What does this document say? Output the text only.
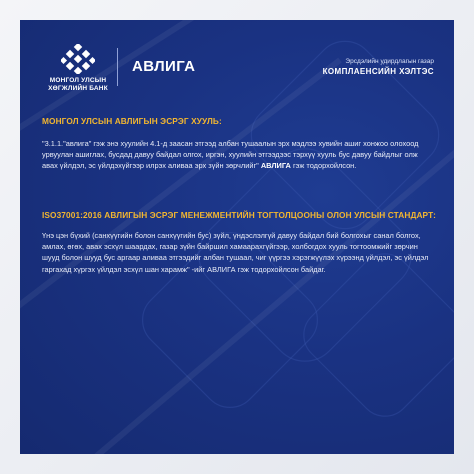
МОНГОЛ УЛСЫН
ХӨГЖЛИЙН БАНК
АВЛИГА	Эрсдэлийн удирдлагын газар
КОМПЛАЕНСИЙН ХЭЛТЭС
МОНГОЛ УЛСЫН АВЛИГЫН ЭСРЭГ ХУУЛЬ:
"3.1.1."авлига" гэж энэ хуулийн 4.1-д заасан этгээд албан тушаалын эрх мэдлээ хувийн ашиг хонжоо олохоод урвуулан ашиглах, бусдад давуу байдал олгох, иргэн, хуулийн этгээдээс тэрхүү хууль бус давуу байдлыг олж авах үйлдэл, эс үйлдэхүйгээр илрэх аливаа эрх зүйн зөрчлийг" АВЛИГА гэж тодорхойлсон.
ISO37001:2016 АВЛИГЫН ЭСРЭГ МЕНЕЖМЕНТИЙН ТОГТОЛЦООНЫ ОЛОН УЛСЫН СТАНДАРТ:
Үнэ цэн бүхий (санхүүгийн болон санхүүгийн бус) зүйл, үндэслэлгүй давуу байдал бий болгохыг санал болгох, амлах, өгөх, авах эсхүл шаардах, газар зүйн байршил хамаарахгүйгээр, холбогдох хууль тогтоомжийг зөрчин шууд болон шууд бус аргаар аливаа этгээдийг албан тушаал, чиг үүргээ хэрэгжүүлэх хүрээнд үйлдэл, эс үйлдэл гаргахад хүргэх үйлдэл эсхүл шан харамж" -ийг АВЛИГА гэж тодорхойлсон байдаг.
